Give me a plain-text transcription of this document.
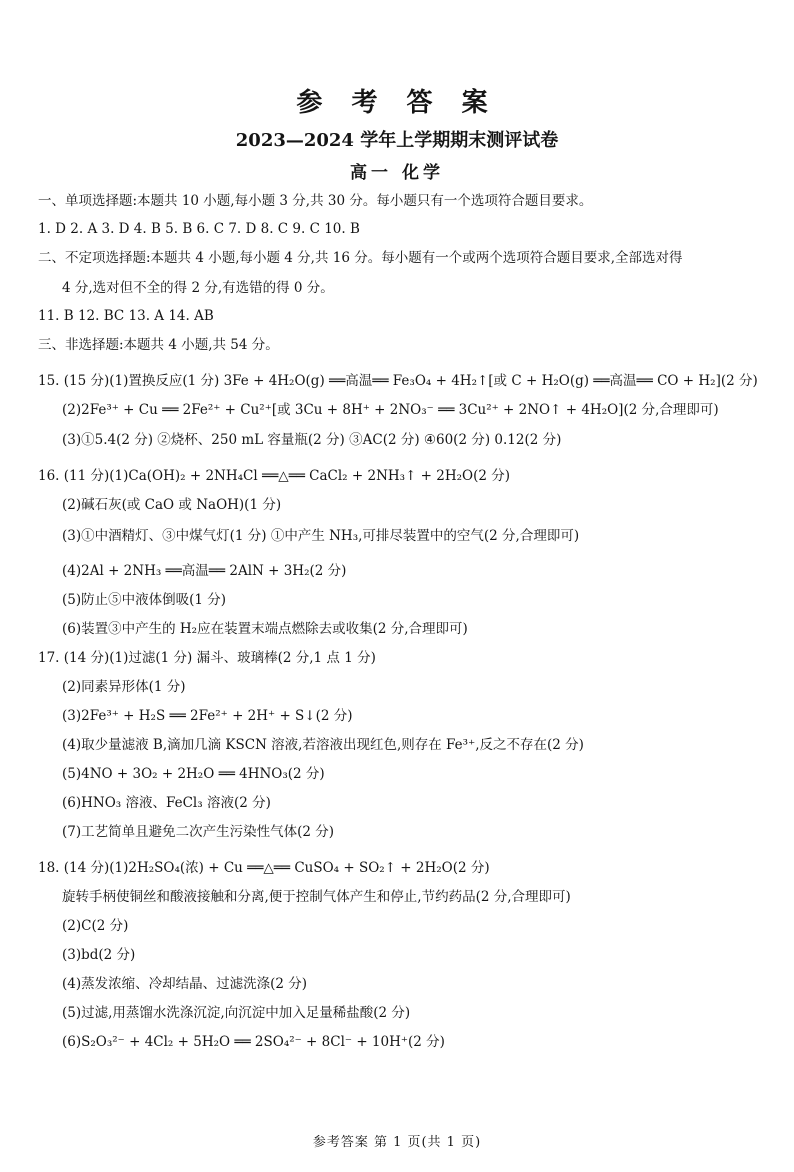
参 考 答 案
2023—2024 学年上学期期末测评试卷
高一 化学
一、单项选择题:本题共 10 小题,每小题 3 分,共 30 分。每小题只有一个选项符合题目要求。
1. D 2. A 3. D 4. B 5. B 6. C 7. D 8. C 9. C 10. B
二、不定项选择题:本题共 4 小题,每小题 4 分,共 16 分。每小题有一个或两个选项符合题目要求,全部选对得
4 分,选对但不全的得 2 分,有选错的得 0 分。
11. B 12. BC 13. A 14. AB
三、非选择题:本题共 4 小题,共 54 分。
15. (15 分)(1)置换反应(1 分) 3Fe + 4H₂O(g) ══高温══ Fe₃O₄ + 4H₂↑[或 C + H₂O(g) ══高温══ CO + H₂](2 分)
(2)2Fe³⁺ + Cu ══ 2Fe²⁺ + Cu²⁺[或 3Cu + 8H⁺ + 2NO₃⁻ ══ 3Cu²⁺ + 2NO↑ + 4H₂O](2 分,合理即可)
(3)①5.4(2 分) ②烧杯、250 mL 容量瓶(2 分) ③AC(2 分) ④60(2 分) 0.12(2 分)
16. (11 分)(1)Ca(OH)₂ + 2NH₄Cl ══△══ CaCl₂ + 2NH₃↑ + 2H₂O(2 分)
(2)碱石灰(或 CaO 或 NaOH)(1 分)
(3)①中酒精灯、③中煤气灯(1 分) ①中产生 NH₃,可排尽装置中的空气(2 分,合理即可)
(4)2Al + 2NH₃ ══高温══ 2AlN + 3H₂(2 分)
(5)防止⑤中液体倒吸(1 分)
(6)装置③中产生的 H₂应在装置末端点燃除去或收集(2 分,合理即可)
17. (14 分)(1)过滤(1 分) 漏斗、玻璃棒(2 分,1 点 1 分)
(2)同素异形体(1 分)
(3)2Fe³⁺ + H₂S ══ 2Fe²⁺ + 2H⁺ + S↓(2 分)
(4)取少量滤液 B,滴加几滴 KSCN 溶液,若溶液出现红色,则存在 Fe³⁺,反之不存在(2 分)
(5)4NO + 3O₂ + 2H₂O ══ 4HNO₃(2 分)
(6)HNO₃ 溶液、FeCl₃ 溶液(2 分)
(7)工艺简单且避免二次产生污染性气体(2 分)
18. (14 分)(1)2H₂SO₄(浓) + Cu ══△══ CuSO₄ + SO₂↑ + 2H₂O(2 分)
旋转手柄使铜丝和酸液接触和分离,便于控制气体产生和停止,节约药品(2 分,合理即可)
(2)C(2 分)
(3)bd(2 分)
(4)蒸发浓缩、冷却结晶、过滤洗涤(2 分)
(5)过滤,用蒸馏水洗涤沉淀,向沉淀中加入足量稀盐酸(2 分)
(6)S₂O₃²⁻ + 4Cl₂ + 5H₂O ══ 2SO₄²⁻ + 8Cl⁻ + 10H⁺(2 分)
参考答案 第 1 页(共 1 页)
